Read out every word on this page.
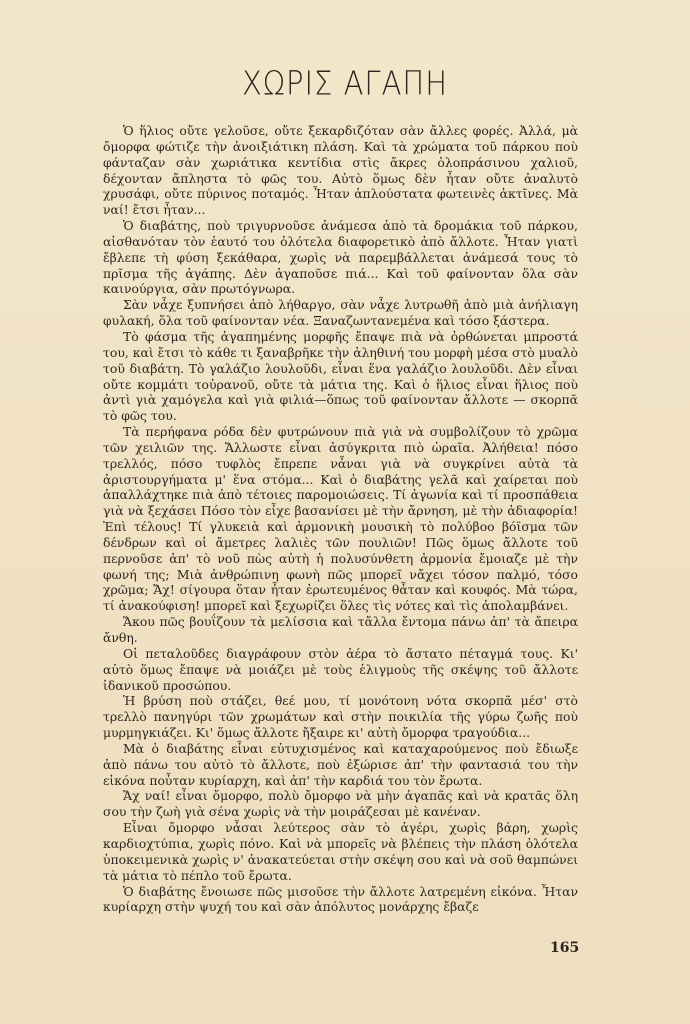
ΧΩΡΙΣ ΑΓΑΠΗ

Ὁ ἥλιος οὔτε γελοῦσε, οὔτε ξεκαρδιζόταν σὰν ἄλλες φορές. Ἀλλά, μὰ ὄμορφα φώτιζε τὴν ἀνοιξιάτικη πλάση. Καὶ τὰ χρώματα τοῦ πάρκου ποὺ φάνταζαν σὰν χωριάτικα κεντίδια στὶς ἄκρες ὁλοπράσινου χαλιοῦ, δέχονταν ἄπληστα τὸ φῶς του. Αὐτὸ ὅμως δὲν ἦταν οὔτε ἀναλυτὸ χρυσάφι, οὔτε πύρινος ποταμός. Ἦταν ἁπλούστατα φωτεινὲς ἀκτῖνες. Μὰ ναί! ἔτσι ἦταν...

Ὁ διαβάτης, ποὺ τριγυρνοῦσε ἀνάμεσα ἀπὸ τὰ δρομάκια τοῦ πάρκου, αἰσθανόταν τὸν ἑαυτό του ὁλότελα διαφορετικὸ ἀπὸ ἄλλοτε. Ἦταν γιατὶ ἔβλεπε τὴ φύση ξεκάθαρα, χωρὶς νὰ παρεμβάλλεται ἀνάμεσά τους τὸ πρῖσμα τῆς ἀγάπης. Δὲν ἀγαποῦσε πιά... Καὶ τοῦ φαίνονταν ὅλα σὰν καινούργια, σὰν πρωτόγνωρα.

Σὰν νἆχε ξυπνήσει ἀπὸ λήθαργο, σὰν νἆχε λυτρωθῆ ἀπὸ μιὰ ἀνήλιαγη φυλακή, ὅλα τοῦ φαίνονταν νέα. Ξαναζωντανεμένα καὶ τόσο ξάστερα.

Τὸ φάσμα τῆς ἀγαπημένης μορφῆς ἔπαψε πιὰ νὰ ὀρθώνεται μπροστά του, καὶ ἔτσι τὸ κάθε τι ξαναβρῆκε τὴν ἀληθινή του μορφὴ μέσα στὸ μυαλὸ τοῦ διαβάτη. Τὸ γαλάζιο λουλοῦδι, εἶναι ἕνα γαλάζιο λουλοῦδι. Δὲν εἶναι οὔτε κομμάτι τοὐρανοῦ, οὔτε τὰ μάτια της. Καὶ ὁ ἥλιος εἶναι ἥλιος ποὺ ἀντὶ γιὰ χαμόγελα καὶ γιὰ φιλιά—ὅπως τοῦ φαίνονταν ἄλλοτε — σκορπᾶ τὸ φῶς του.

Τὰ περήφανα ρόδα δὲν φυτρώνουν πιὰ γιὰ νὰ συμβολίζουν τὸ χρῶμα τῶν χειλιῶν της. Ἄλλωστε εἶναι ἀσύγκριτα πιὸ ὡραῖα. Ἀλήθεια! πόσο τρελλός, πόσο τυφλὸς ἔπρεπε νἆναι γιὰ νὰ συγκρίνει αὐτὰ τὰ ἀριστουργήματα μ' ἕνα στόμα... Καὶ ὁ διαβάτης γελᾶ καὶ χαίρεται ποὺ ἀπαλλάχτηκε πιὰ ἀπὸ τέτοιες παρομοιώσεις. Τί ἀγωνία καὶ τί προσπάθεια γιὰ νὰ ξεχάσει Πόσο τὸν εἶχε βασανίσει μὲ τὴν ἄρνηση, μὲ τὴν ἀδιαφορία! Ἐπὶ τέλους! Τί γλυκειὰ καὶ ἁρμονικὴ μουσικὴ τὸ πολύβοο βόϊσμα τῶν δένδρων καὶ οἱ ἄμετρες λαλιὲς τῶν πουλιῶν! Πῶς ὅμως ἄλλοτε τοῦ περνοῦσε ἀπ' τὸ νοῦ πὼς αὐτὴ ἡ πολυσύνθετη ἁρμονία ἔμοιαζε μὲ τὴν φωνή της; Μιὰ ἀνθρώπινη φωνὴ πῶς μπορεῖ νἄχει τόσον παλμό, τόσο χρῶμα; Ἄχ! σίγουρα ὅταν ἦταν ἐρωτευμένος θἆταν καὶ κουφός. Μὰ τώρα, τί ἀνακούφιση! μπορεῖ καὶ ξεχωρίζει ὅλες τὶς νότες καὶ τὶς ἀπολαμβάνει.

Ἄκου πῶς βουΐζουν τὰ μελίσσια καὶ τἄλλα ἔντομα πάνω ἀπ' τὰ ἄπειρα ἄνθη.

Οἱ πεταλοῦδες διαγράφουν στὸν ἀέρα τὸ ἄστατο πέταγμά τους. Κι' αὐτὸ ὅμως ἔπαψε νὰ μοιάζει μὲ τοὺς ἑλιγμοὺς τῆς σκέψης τοῦ ἄλλοτε ἰδανικοῦ προσώπου.

Ἡ βρύση ποὺ στάζει, θεέ μου, τί μονότονη νότα σκορπᾶ μέσ' στὸ τρελλὸ πανηγύρι τῶν χρωμάτων καὶ στὴν ποικιλία τῆς γύρω ζωῆς ποὺ μυρμηγκιάζει. Κι' ὅμως ἄλλοτε ἤξαιρε κι' αὐτὴ ὄμορφα τραγούδια...

Μὰ ὁ διαβάτης εἶναι εὐτυχισμένος καὶ καταχαρούμενος ποὺ ἔδιωξε ἀπὸ πάνω του αὐτὸ τὸ ἄλλοτε, ποὺ ἐξώρισε ἀπ' τὴν φαντασιά του τὴν εἰκόνα ποὖταν κυρίαρχη, καὶ ἀπ' τὴν καρδιά του τὸν ἔρωτα.

Ἄχ ναί! εἶναι ὄμορφο, πολὺ ὄμορφο νὰ μὴν ἀγαπᾶς καὶ νὰ κρατᾶς ὅλη σου τὴν ζωὴ γιὰ σένα χωρὶς νὰ τὴν μοιράζεσαι μὲ κανέναν.

Εἶναι ὄμορφο νἆσαι λεύτερος σὰν τὸ ἀγέρι, χωρὶς βάρη, χωρὶς καρδιοχτύπια, χωρὶς πόνο. Καὶ νὰ μπορεῖς νὰ βλέπεις τὴν πλάση ὁλότελα ὑποκειμενικὰ χωρὶς ν' ἀνακατεύεται στὴν σκέψη σου καὶ νὰ σοῦ θαμπώνει τὰ μάτια τὸ πέπλο τοῦ ἔρωτα.

Ὁ διαβάτης ἔνοιωσε πῶς μισοῦσε τὴν ἄλλοτε λατρεμένη εἰκόνα. Ἦταν κυρίαρχη στὴν ψυχή του καὶ σὰν ἀπόλυτος μονάρχης ἔβαζε

165
